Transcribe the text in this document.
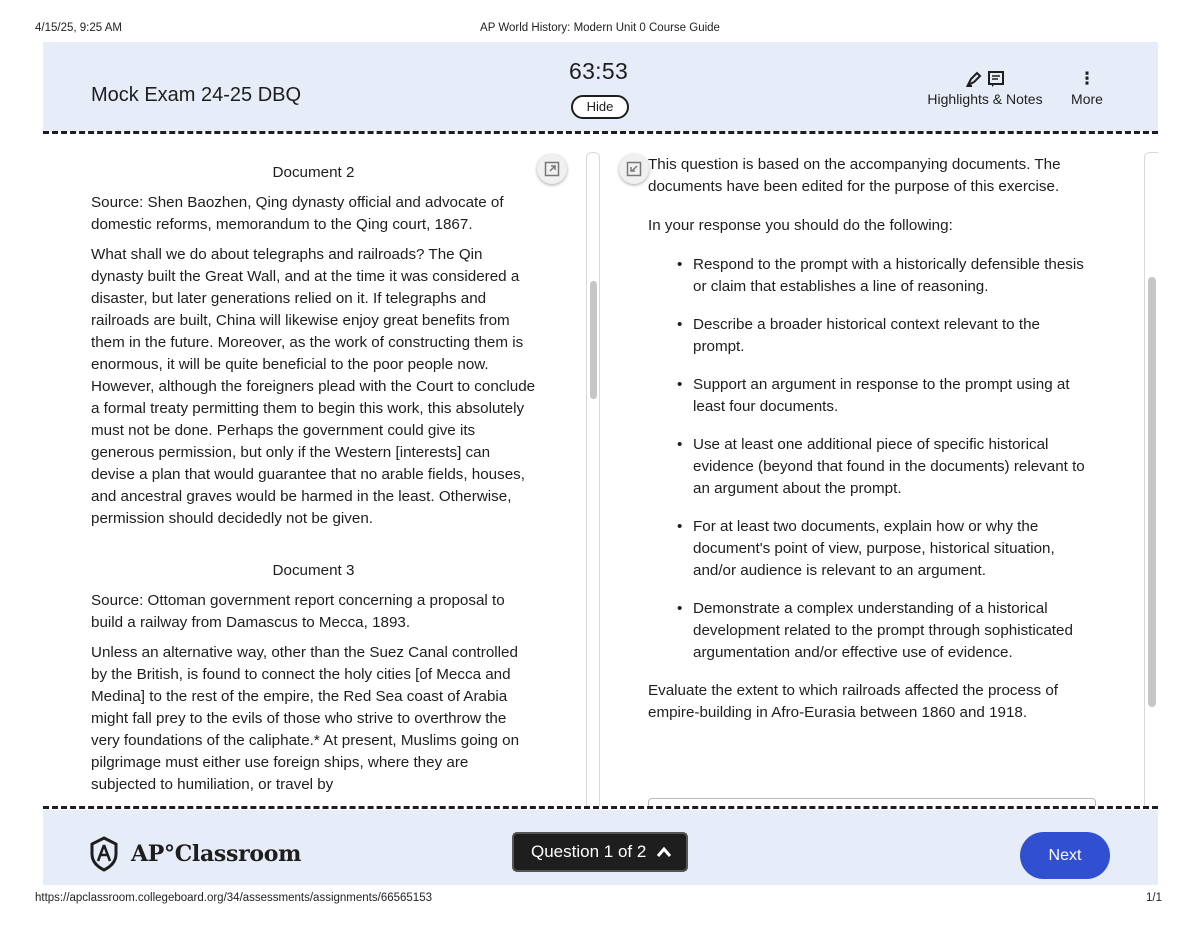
4/15/25, 9:25 AM	AP World History: Modern Unit 0 Course Guide
Mock Exam 24-25 DBQ
63:53
Hide
	Highlights & Notes
⋮
More

Document 2

Source: Shen Baozhen, Qing dynasty official and advocate of domestic reforms, memorandum to the Qing court, 1867.

What shall we do about telegraphs and railroads? The Qin dynasty built the Great Wall, and at the time it was considered a disaster, but later generations relied on it. If telegraphs and railroads are built, China will likewise enjoy great benefits from them in the future. Moreover, as the work of constructing them is enormous, it will be quite beneficial to the poor people now. However, although the foreigners plead with the Court to conclude a formal treaty permitting them to begin this work, this absolutely must not be done. Perhaps the government could give its generous permission, but only if the Western [interests] can devise a plan that would guarantee that no arable fields, houses, and ancestral graves would be harmed in the least. Otherwise, permission should decidedly not be given.

Document 3

Source: Ottoman government report concerning a proposal to build a railway from Damascus to Mecca, 1893.

Unless an alternative way, other than the Suez Canal controlled by the British, is found to connect the holy cities [of Mecca and Medina] to the rest of the empire, the Red Sea coast of Arabia might fall prey to the evils of those who strive to overthrow the very foundations of the caliphate.* At present, Muslims going on pilgrimage must either use foreign ships, where they are subjected to humiliation, or travel by

This question is based on the accompanying documents. The documents have been edited for the purpose of this exercise.

In your response you should do the following:

• Respond to the prompt with a historically defensible thesis or claim that establishes a line of reasoning.
• Describe a broader historical context relevant to the prompt.
• Support an argument in response to the prompt using at least four documents.
• Use at least one additional piece of specific historical evidence (beyond that found in the documents) relevant to an argument about the prompt.
• For at least two documents, explain how or why the document's point of view, purpose, historical situation, and/or audience is relevant to an argument.
• Demonstrate a complex understanding of a historical development related to the prompt through sophisticated argumentation and/or effective use of evidence.

Evaluate the extent to which railroads affected the process of empire-building in Afro-Eurasia between 1860 and 1918.

AP°Classroom	Question 1 of 2	Next
https://apclassroom.collegeboard.org/34/assessments/assignments/66565153	1/1
